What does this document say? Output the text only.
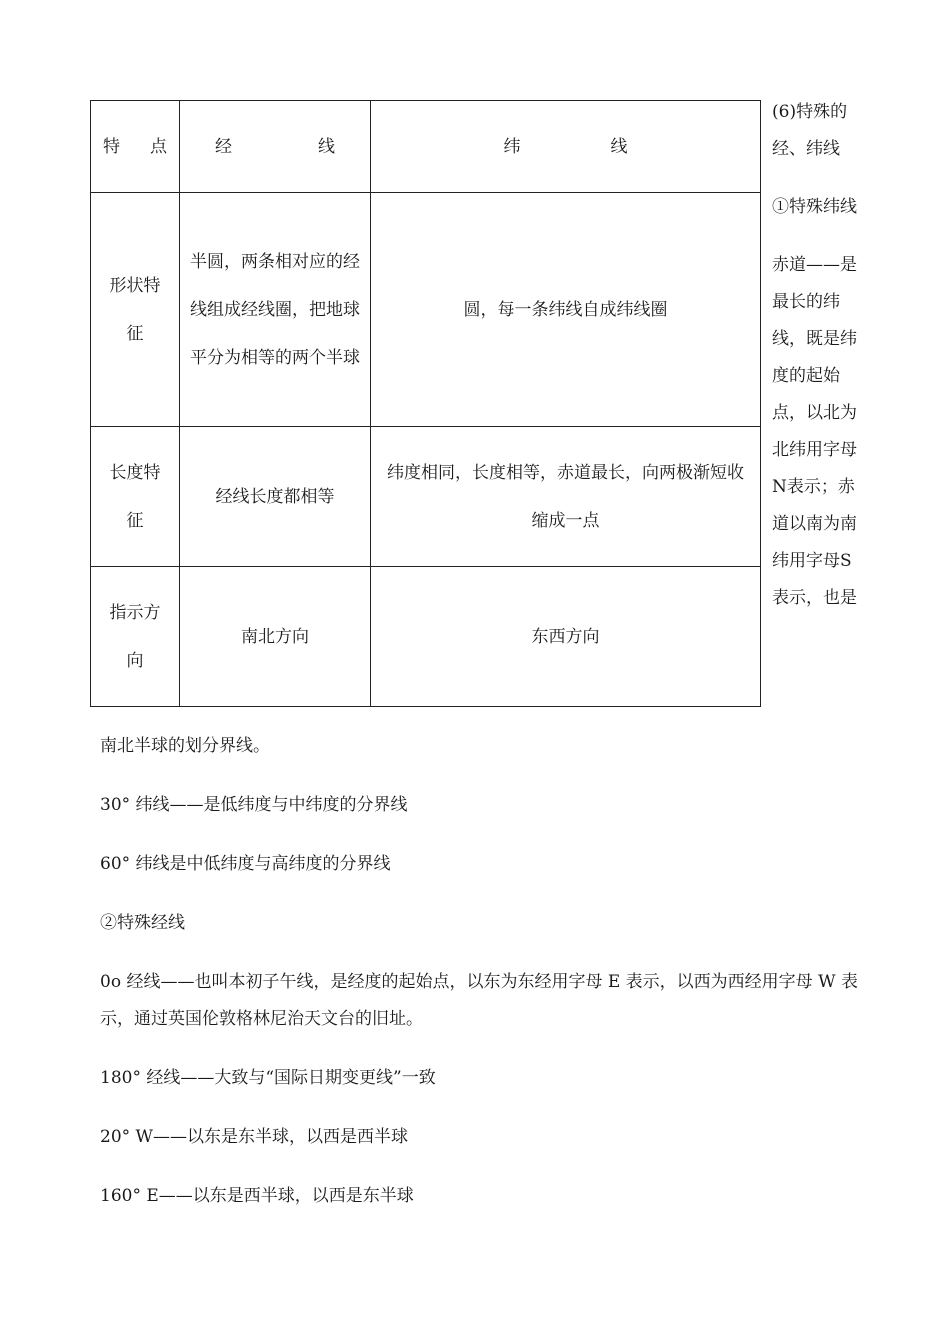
特 点	经 线	纬 线
形状特征	半圆，两条相对应的经线组成经线圈，把地球平分为相等的两个半球	圆，每一条纬线自成纬线圈
长度特征	经线长度都相等	纬度相同，长度相等，赤道最长，向两极渐短收缩成一点
指示方向	南北方向	东西方向

(6)特殊的经、纬线

①特殊纬线

赤道——是最长的纬线，既是纬度的起始点，以北为北纬用字母N表示；赤道以南为南纬用字母S表示，也是

南北半球的划分界线。

30° 纬线——是低纬度与中纬度的分界线

60° 纬线是中低纬度与高纬度的分界线

②特殊经线

0o 经线——也叫本初子午线，是经度的起始点，以东为东经用字母 E 表示，以西为西经用字母 W 表示，通过英国伦敦格林尼治天文台的旧址。

180° 经线——大致与“国际日期变更线”一致

20° W——以东是东半球，以西是西半球

160° E——以东是西半球，以西是东半球
